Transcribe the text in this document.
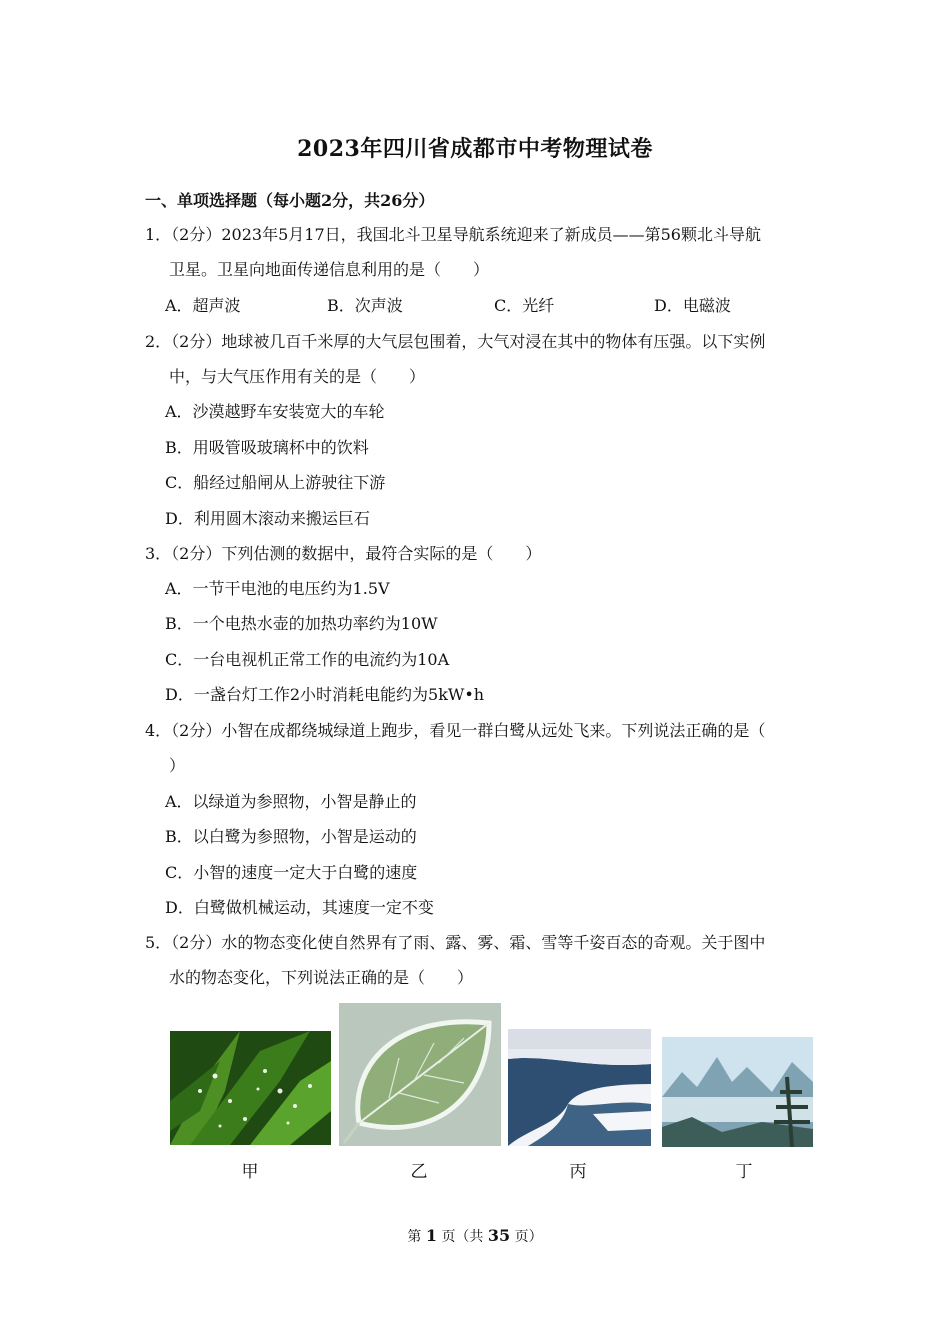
2023年四川省成都市中考物理试卷
一、单项选择题（每小题2分，共26分）
1．（2分）2023年5月17日，我国北斗卫星导航系统迎来了新成员——第56颗北斗导航
卫星。卫星向地面传递信息利用的是（　　）
A．超声波	B．次声波	C．光纤	D．电磁波
2．（2分）地球被几百千米厚的大气层包围着，大气对浸在其中的物体有压强。以下实例
中，与大气压作用有关的是（　　）
A．沙漠越野车安装宽大的车轮
B．用吸管吸玻璃杯中的饮料
C．船经过船闸从上游驶往下游
D．利用圆木滚动来搬运巨石
3．（2分）下列估测的数据中，最符合实际的是（　　）
A．一节干电池的电压约为1.5V
B．一个电热水壶的加热功率约为10W
C．一台电视机正常工作的电流约为10A
D．一盏台灯工作2小时消耗电能约为5kW•h
4．（2分）小智在成都绕城绿道上跑步，看见一群白鹭从远处飞来。下列说法正确的是（
）
A．以绿道为参照物，小智是静止的
B．以白鹭为参照物，小智是运动的
C．小智的速度一定大于白鹭的速度
D．白鹭做机械运动，其速度一定不变
5．（2分）水的物态变化使自然界有了雨、露、雾、霜、雪等千姿百态的奇观。关于图中
水的物态变化，下列说法正确的是（　　）
甲	乙	丙	丁
第 1 页（共 35 页）
